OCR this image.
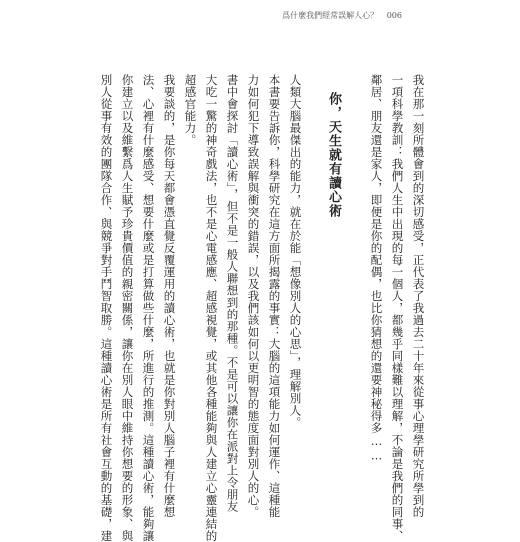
爲什麼我們經常誤解人心？ 006
我在那一刻所體會到的深切感受，正代表了我過去二十年來從事心理學研究所學到的
一項科學教訓：我們人生中出現的每一個人，都幾乎同樣難以理解，不論是我們的同事、
鄰居、朋友還是家人，即便是你的配偶，也比你猜想的還要神秘得多……
你，天生就有讀心術
人類大腦最傑出的能力，就在於能「想像別人的心思」，理解別人。
本書要告訴你，科學研究在這方面所揭露的事實：大腦的這項能力如何運作、這種能
力如何犯下導致誤解與衝突的錯誤，以及我們該如何以更明智的態度面對別人的心。
書中會探討「讀心術」，但不是一般人聯想到的那種。不是可以讓你在派對上令朋友
大吃一驚的神奇戲法，也不是心電感應、超感視覺，或其他各種能夠與人建立心靈連結的
超感官能力。
我要談的，是你每天都會憑直覺反覆運用的讀心術，也就是你對別人腦子裡有什麼想
法、心裡有什麼感受、想要什麼或是打算做些什麼，所進行的推測。這種讀心術，能夠讓
你建立以及維繫爲人生賦予珍貴價值的親密關係，讓你在別人眼中維持你想要的形象、與
別人從事有效的團隊合作、與競爭對手鬥智取勝。這種讀心術是所有社會互動的基礎，建
